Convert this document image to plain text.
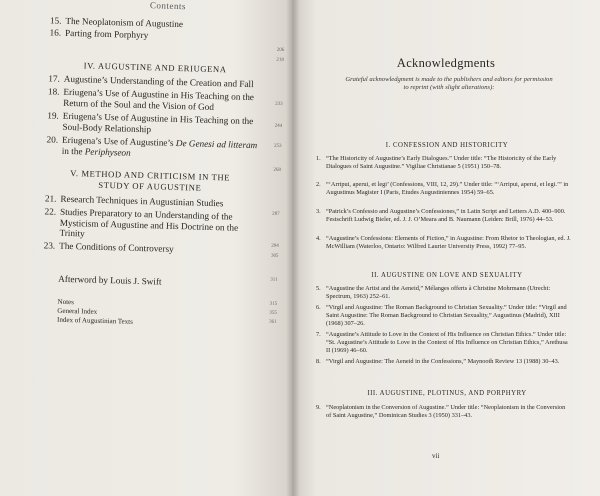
Contents
15. The Neoplatonism of Augustine
16. Parting from Porphyry
IV. AUGUSTINE AND ERIUGENA
17. Augustine’s Understanding of the Creation and Fall
18. Eriugena’s Use of Augustine in His Teaching on the Return of the Soul and the Vision of God
19. Eriugena’s Use of Augustine in His Teaching on the Soul-Body Relationship
20. Eriugena’s Use of Augustine’s De Genesi ad litteram in the Periphyseon
V. METHOD AND CRITICISM IN THE STUDY OF AUGUSTINE
21. Research Techniques in Augustinian Studies
22. Studies Preparatory to an Understanding of the Mysticism of Augustine and His Doctrine on the Trinity
23. The Conditions of Controversy
Afterword by Louis J. Swift
Notes
General Index
Index of Augustinian Texts
206
218
233
244
253
268
287
294
305
311
315
355
361
Acknowledgments
Grateful acknowledgment is made to the publishers and editors for permission to reprint (with slight alterations):
I. CONFESSION AND HISTORICITY
1. “The Historicity of Augustine’s Early Dialogues.” Under title: “The Historicity of the Early Dialogues of Saint Augustine.” Vigiliae Christianae 5 (1951) 150–78.
2. “‘Arripui, aperui, et legi’ (Confessions, VIII, 12, 29).” Under title: “‘Arripui, aperui, et legi.’” in Augustinus Magister I (Paris, Etudes Augustiniennes 1954) 59–65.
3. “Patrick’s Confessio and Augustine’s Confessiones,” in Latin Script and Letters A.D. 400–900. Festschrift Ludwig Bieler, ed. J. J. O’Meara and B. Naumann (Leiden: Brill, 1976) 44–53.
4. “Augustine’s Confessions: Elements of Fiction,” in Augustine: From Rhetor to Theologian, ed. J. McWilliam (Waterloo, Ontario: Wilfred Laurier University Press, 1992) 77–95.
II. AUGUSTINE ON LOVE AND SEXUALITY
5. “Augustine the Artist and the Aeneid,” Mélanges offerts à Christine Mohrmann (Utrecht: Spectrum, 1963) 252–61.
6. “Virgil and Augustine: The Roman Background to Christian Sexuality.” Under title: “Virgil and Saint Augustine: The Roman Background to Christian Sexuality,” Augustinus (Madrid), XIII (1968) 307–26.
7. “Augustine’s Attitude to Love in the Context of His Influence on Christian Ethics.” Under title: “St. Augustine’s Attitude to Love in the Context of His Influence on Christian Ethics,” Arethusa II (1969) 46–60.
8. “Virgil and Augustine: The Aeneid in the Confessions,” Maynooth Review 13 (1988) 30–43.
III. AUGUSTINE, PLOTINUS, AND PORPHYRY
9. “Neoplatonism in the Conversion of Augustine.” Under title: “Neoplatonism in the Conversion of Saint Augustine,” Dominican Studies 3 (1950) 331–43.
vii
